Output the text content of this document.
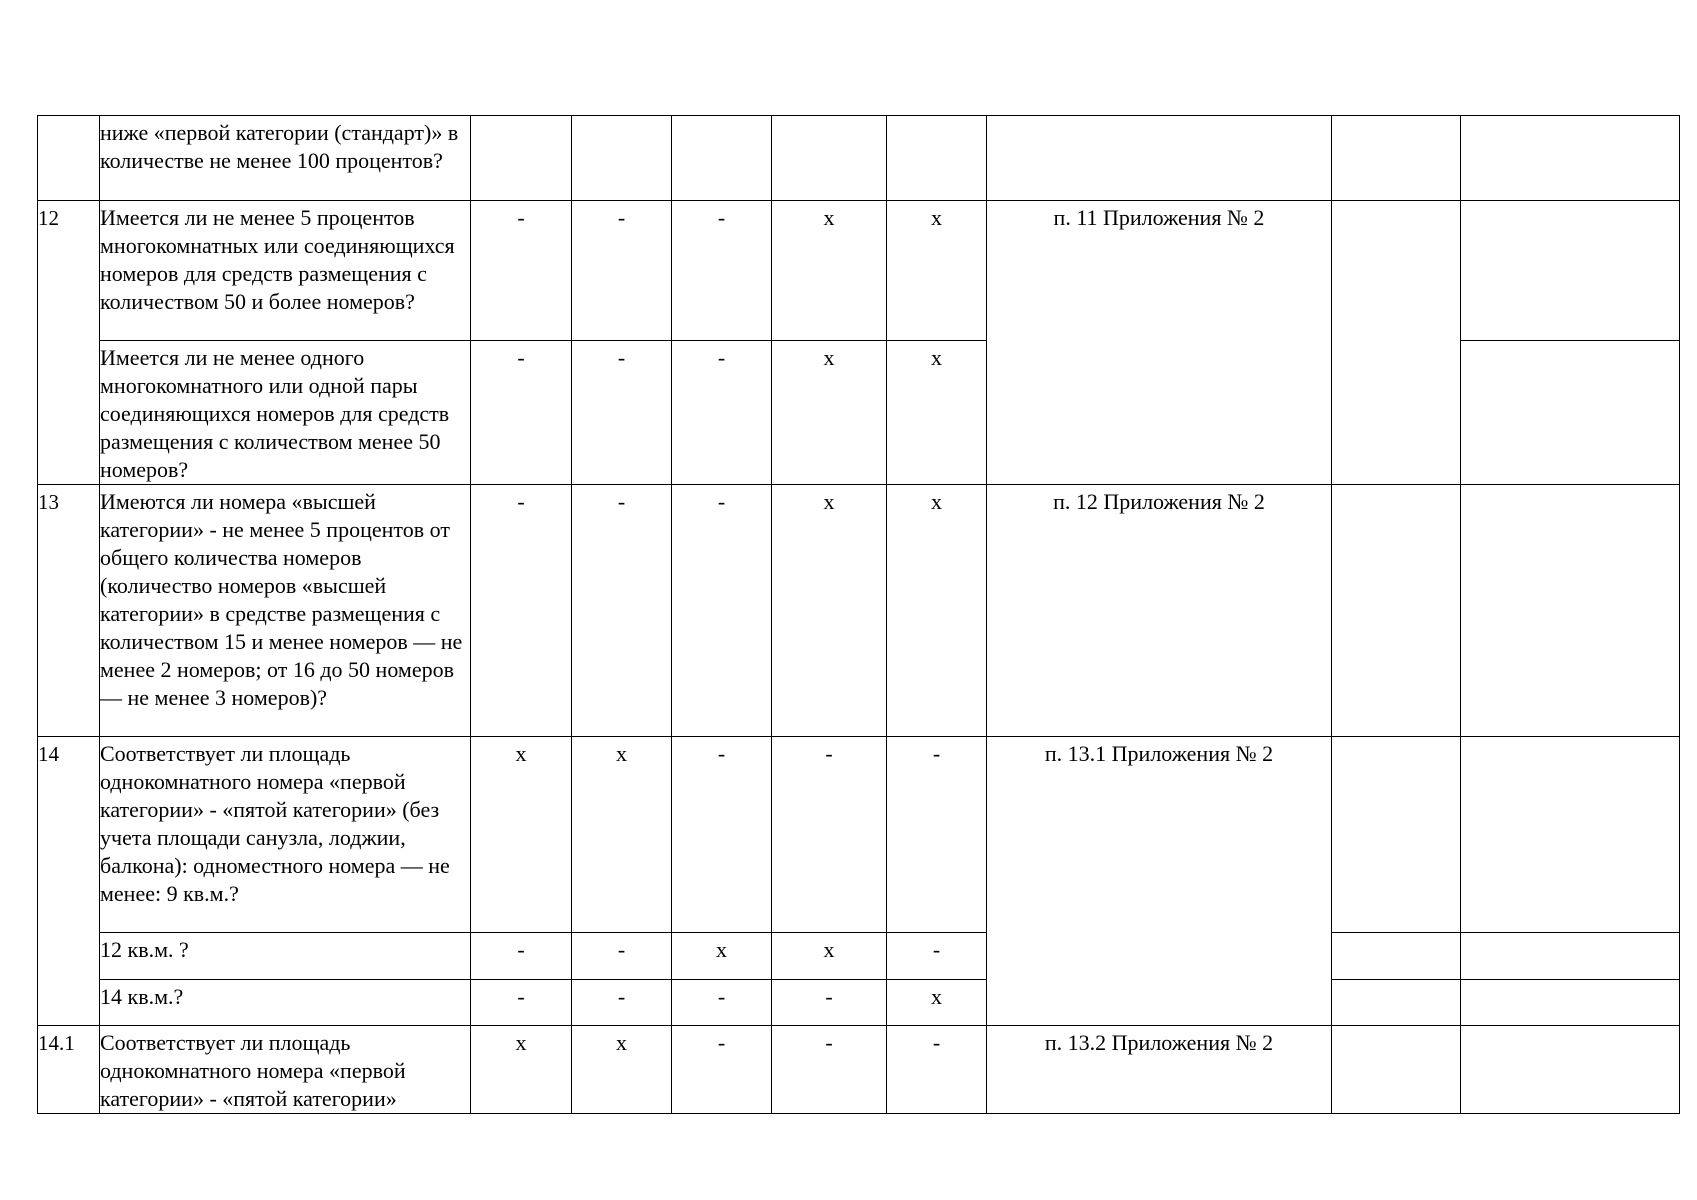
	ниже «первой категории (стандарт)» в количестве не менее 100 процентов?								
12	Имеется ли не менее 5 процентов многокомнатных или соединяющихся номеров для средств размещения с количеством 50 и более номеров?	-	-	-	х	х	п. 11 Приложения № 2		
	Имеется ли не менее одного многокомнатного или одной пары соединяющихся номеров для средств размещения с количеством менее 50 номеров?	-	-	-	х	х			
13	Имеются ли номера «высшей категории» - не менее 5 процентов от общего количества номеров (количество номеров «высшей категории» в средстве размещения с количеством 15 и менее номеров — не менее 2 номеров; от 16 до 50 номеров — не менее 3 номеров)?	-	-	-	х	х	п. 12 Приложения № 2		
14	Соответствует ли площадь однокомнатного номера «первой категории» - «пятой категории» (без учета площади санузла, лоджии, балкона): одноместного номера — не менее: 9 кв.м.?	х	х	-	-	-	п. 13.1 Приложения № 2		
	12 кв.м. ?	-	-	х	х	-			
	14 кв.м.?	-	-	-	-	х			
14.1	Соответствует ли площадь однокомнатного номера «первой категории» - «пятой категории»	х	х	-	-	-	п. 13.2 Приложения № 2		
